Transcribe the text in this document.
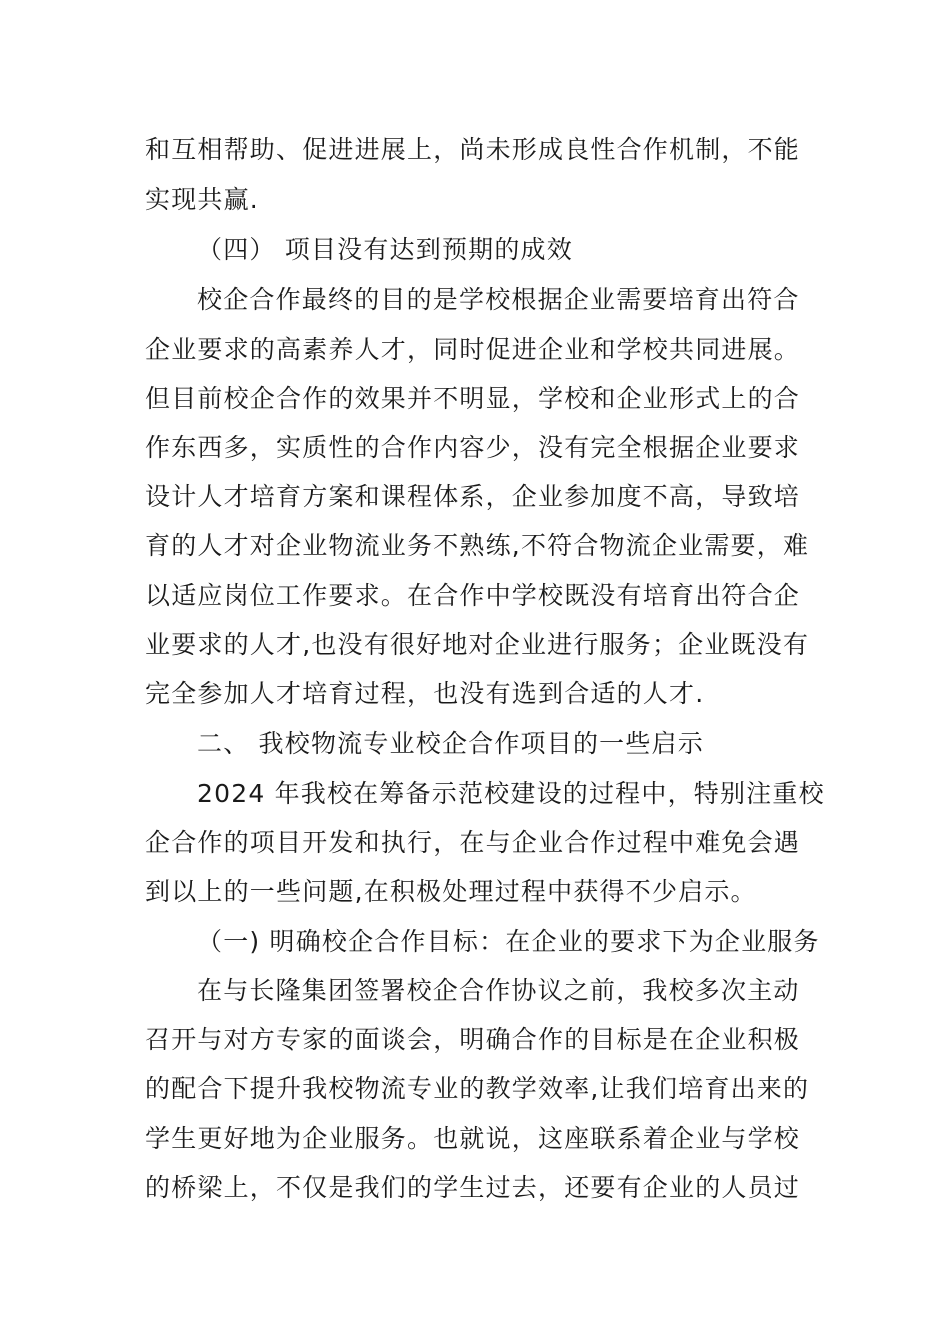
和互相帮助、促进进展上，尚未形成良性合作机制，不能
实现共赢.
（四） 项目没有达到预期的成效
校企合作最终的目的是学校根据企业需要培育出符合
企业要求的高素养人才，同时促进企业和学校共同进展。
但目前校企合作的效果并不明显，学校和企业形式上的合
作东西多，实质性的合作内容少，没有完全根据企业要求
设计人才培育方案和课程体系，企业参加度不高，导致培
育的人才对企业物流业务不熟练,不符合物流企业需要，难
以适应岗位工作要求。在合作中学校既没有培育出符合企
业要求的人才,也没有很好地对企业进行服务；企业既没有
完全参加人才培育过程，也没有选到合适的人才.
二、 我校物流专业校企合作项目的一些启示
2024 年我校在筹备示范校建设的过程中，特别注重校
企合作的项目开发和执行，在与企业合作过程中难免会遇
到以上的一些问题,在积极处理过程中获得不少启示。
（一) 明确校企合作目标：在企业的要求下为企业服务
在与长隆集团签署校企合作协议之前，我校多次主动
召开与对方专家的面谈会，明确合作的目标是在企业积极
的配合下提升我校物流专业的教学效率,让我们培育出来的
学生更好地为企业服务。也就说，这座联系着企业与学校
的桥梁上，不仅是我们的学生过去，还要有企业的人员过
